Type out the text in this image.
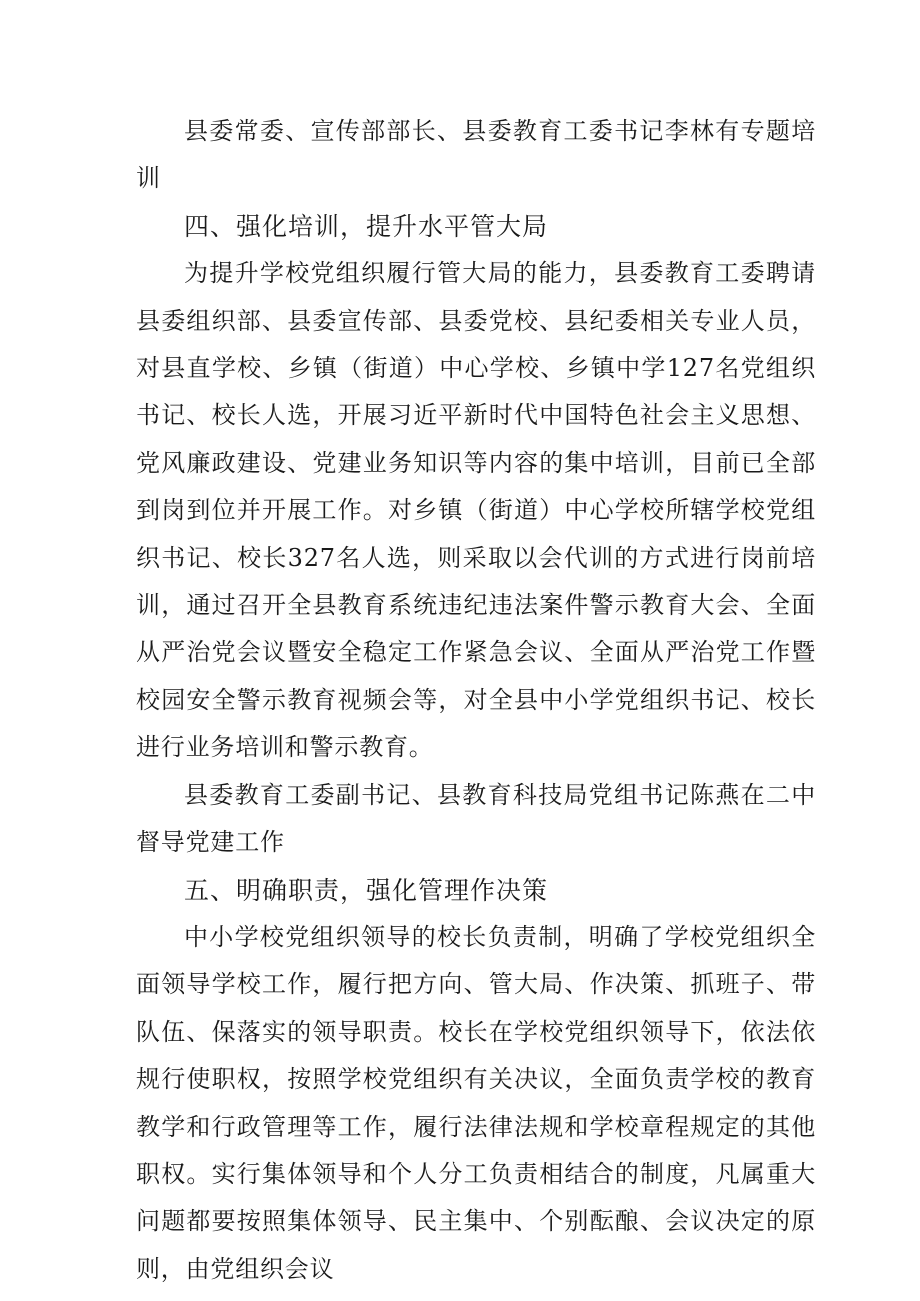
县委常委、宣传部部长、县委教育工委书记李林有专题培训

四、强化培训，提升水平管大局

为提升学校党组织履行管大局的能力，县委教育工委聘请县委组织部、县委宣传部、县委党校、县纪委相关专业人员，对县直学校、乡镇（街道）中心学校、乡镇中学127名党组织书记、校长人选，开展习近平新时代中国特色社会主义思想、党风廉政建设、党建业务知识等内容的集中培训，目前已全部到岗到位并开展工作。对乡镇（街道）中心学校所辖学校党组织书记、校长327名人选，则采取以会代训的方式进行岗前培训，通过召开全县教育系统违纪违法案件警示教育大会、全面从严治党会议暨安全稳定工作紧急会议、全面从严治党工作暨校园安全警示教育视频会等，对全县中小学党组织书记、校长进行业务培训和警示教育。

县委教育工委副书记、县教育科技局党组书记陈燕在二中督导党建工作

五、明确职责，强化管理作决策

中小学校党组织领导的校长负责制，明确了学校党组织全面领导学校工作，履行把方向、管大局、作决策、抓班子、带队伍、保落实的领导职责。校长在学校党组织领导下，依法依规行使职权，按照学校党组织有关决议，全面负责学校的教育教学和行政管理等工作，履行法律法规和学校章程规定的其他职权。实行集体领导和个人分工负责相结合的制度，凡属重大问题都要按照集体领导、民主集中、个别酝酿、会议决定的原则，由党组织会议
